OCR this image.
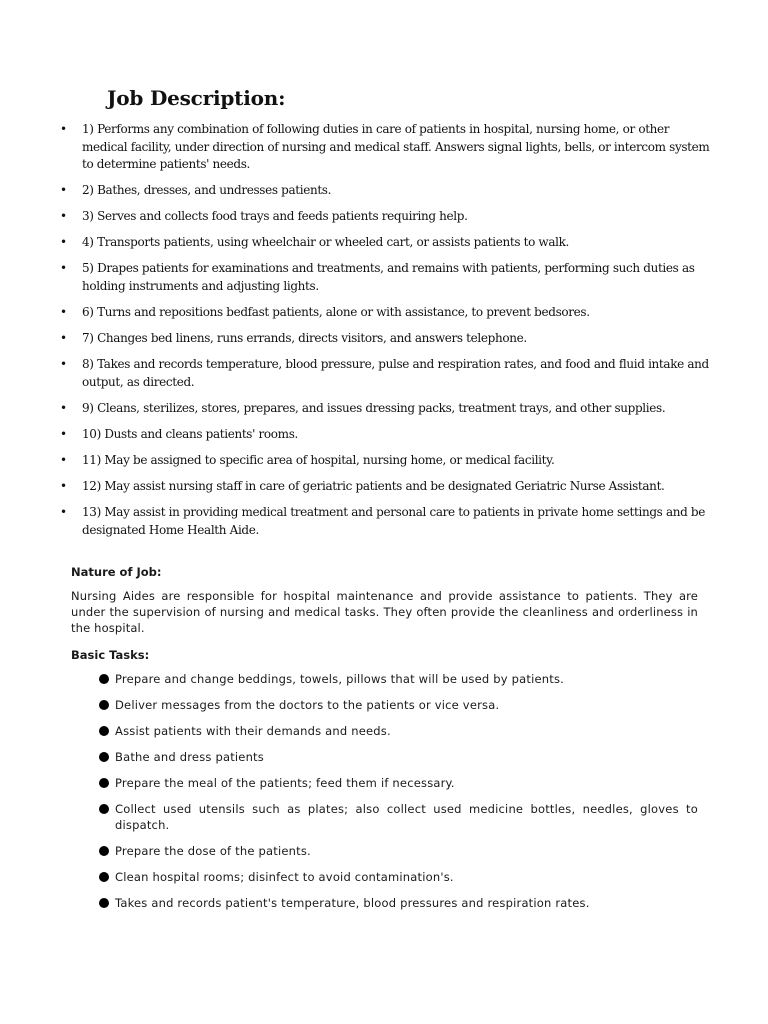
Job Description:
• 1) Performs any combination of following duties in care of patients in hospital, nursing home, or other medical facility, under direction of nursing and medical staff. Answers signal lights, bells, or intercom system to determine patients' needs.
• 2) Bathes, dresses, and undresses patients.
• 3) Serves and collects food trays and feeds patients requiring help.
• 4) Transports patients, using wheelchair or wheeled cart, or assists patients to walk.
• 5) Drapes patients for examinations and treatments, and remains with patients, performing such duties as holding instruments and adjusting lights.
• 6) Turns and repositions bedfast patients, alone or with assistance, to prevent bedsores.
• 7) Changes bed linens, runs errands, directs visitors, and answers telephone.
• 8) Takes and records temperature, blood pressure, pulse and respiration rates, and food and fluid intake and output, as directed.
• 9) Cleans, sterilizes, stores, prepares, and issues dressing packs, treatment trays, and other supplies.
• 10) Dusts and cleans patients' rooms.
• 11) May be assigned to specific area of hospital, nursing home, or medical facility.
• 12) May assist nursing staff in care of geriatric patients and be designated Geriatric Nurse Assistant.
• 13) May assist in providing medical treatment and personal care to patients in private home settings and be designated Home Health Aide.
Nature of Job:

Nursing Aides are responsible for hospital maintenance and provide assistance to patients. They are under the supervision of nursing and medical tasks. They often provide the cleanliness and orderliness in the hospital.

Basic Tasks:
Prepare and change beddings, towels, pillows that will be used by patients.
Deliver messages from the doctors to the patients or vice versa.
Assist patients with their demands and needs.
Bathe and dress patients
Prepare the meal of the patients; feed them if necessary.
Collect used utensils such as plates; also collect used medicine bottles, needles, gloves to dispatch.
Prepare the dose of the patients.
Clean hospital rooms; disinfect to avoid contamination's.
Takes and records patient's temperature, blood pressures and respiration rates.
